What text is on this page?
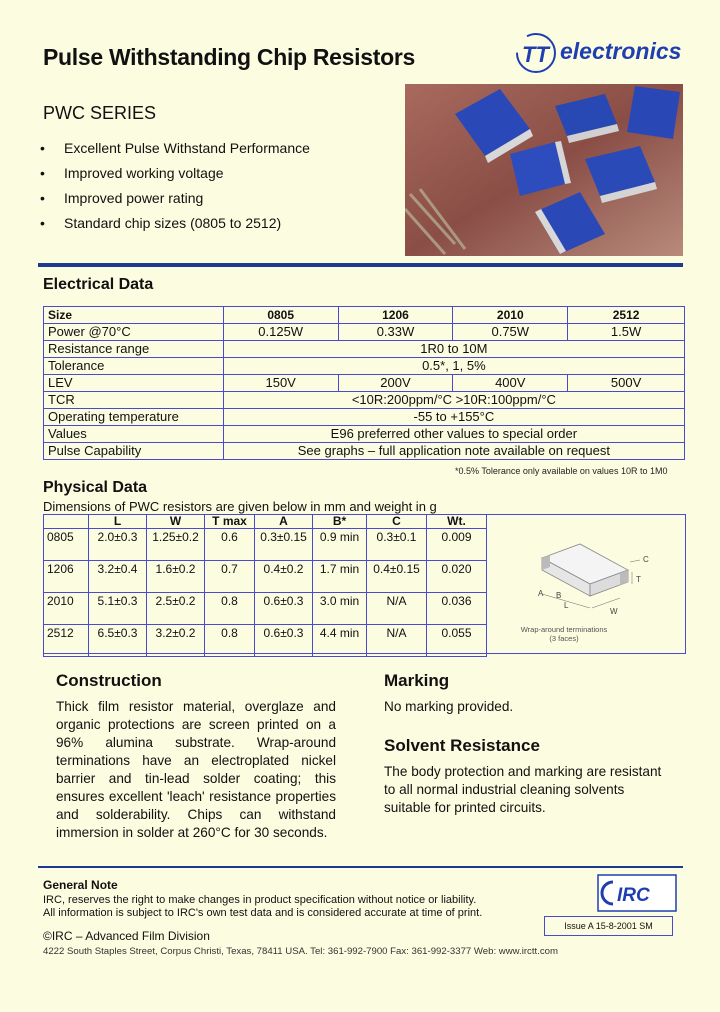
Pulse Withstanding Chip Resistors	TT electronics
PWC SERIES
•	Excellent Pulse Withstand Performance
•	Improved working voltage
•	Improved power rating
•	Standard chip sizes (0805 to 2512)
Electrical Data
Size	0805	1206	2010	2512
Power @70°C	0.125W	0.33W	0.75W	1.5W
Resistance range	1R0 to 10M			
Tolerance	0.5*, 1, 5%			
LEV	150V	200V	400V	500V
TCR	<10R:200ppm/°C >10R:100ppm/°C			
Operating temperature	-55 to +155°C			
Values	E96 preferred other values to special order			
Pulse Capability	See graphs – full application note available on request			
*0.5% Tolerance only available on values 10R to 1M0
Physical Data
Dimensions of PWC resistors are given below in mm and weight in g
	L	W	T max	A	B*	C	Wt.
0805	2.0±0.3	1.25±0.2	0.6	0.3±0.15	0.9 min	0.3±0.1	0.009
1206	3.2±0.4	1.6±0.2	0.7	0.4±0.2	1.7 min	0.4±0.15	0.020
2010	5.1±0.3	2.5±0.2	0.8	0.6±0.3	3.0 min	N/A	0.036
2512	6.5±0.3	3.2±0.2	0.8	0.6±0.3	4.4 min	N/A	0.055
C
T
A B
L
W
Wrap-around terminations
(3 faces)
Construction
Thick film resistor material, overglaze and organic protections are screen printed on a 96% alumina substrate. Wrap-around terminations have an electroplated nickel barrier and tin-lead solder coating; this ensures excellent 'leach' resistance properties and solderability. Chips can withstand immersion in solder at 260°C for 30 seconds.
Marking
No marking provided.
Solvent Resistance
The body protection and marking are resistant to all normal industrial cleaning solvents suitable for printed circuits.
General Note
IRC, reserves the right to make changes in product specification without notice or liability.
All information is subject to IRC's own test data and is considered accurate at time of print.
IRC
Issue A 15-8-2001 SM
©IRC – Advanced Film Division
4222 South Staples Street, Corpus Christi, Texas, 78411 USA. Tel: 361-992-7900 Fax: 361-992-3377 Web: www.irctt.com
